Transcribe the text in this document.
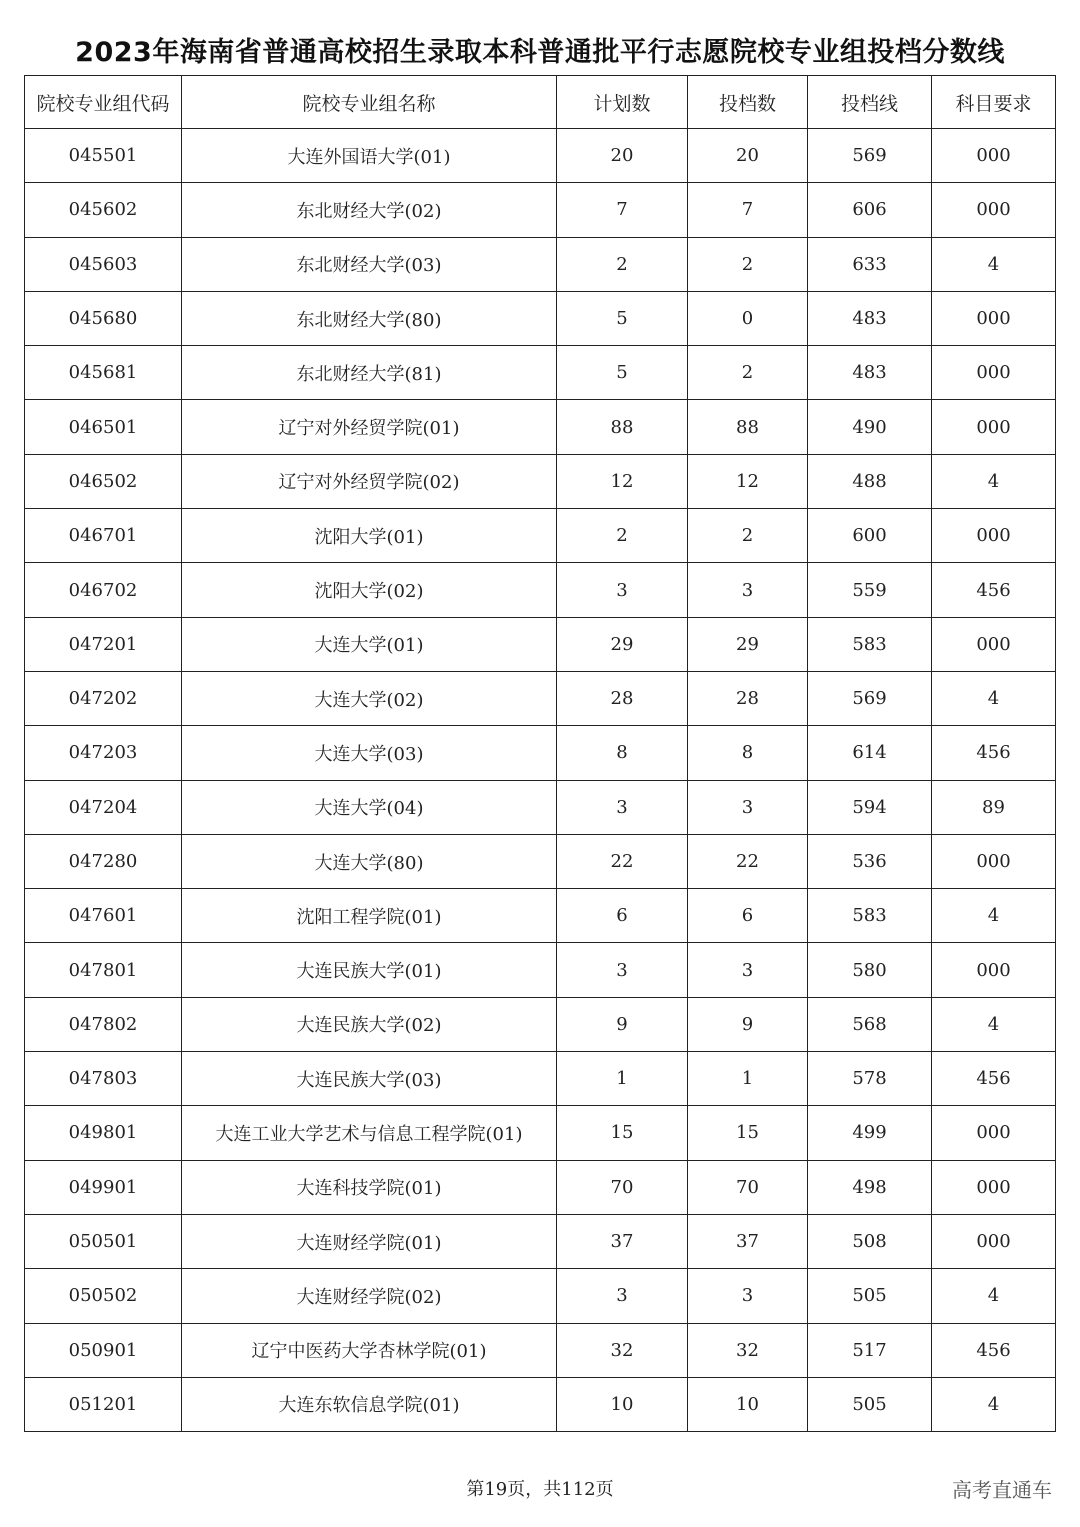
2023年海南省普通高校招生录取本科普通批平行志愿院校专业组投档分数线
院校专业组代码	院校专业组名称	计划数	投档数	投档线	科目要求
045501	大连外国语大学(01)	20	20	569	000
045602	东北财经大学(02)	7	7	606	000
045603	东北财经大学(03)	2	2	633	4
045680	东北财经大学(80)	5	0	483	000
045681	东北财经大学(81)	5	2	483	000
046501	辽宁对外经贸学院(01)	88	88	490	000
046502	辽宁对外经贸学院(02)	12	12	488	4
046701	沈阳大学(01)	2	2	600	000
046702	沈阳大学(02)	3	3	559	456
047201	大连大学(01)	29	29	583	000
047202	大连大学(02)	28	28	569	4
047203	大连大学(03)	8	8	614	456
047204	大连大学(04)	3	3	594	89
047280	大连大学(80)	22	22	536	000
047601	沈阳工程学院(01)	6	6	583	4
047801	大连民族大学(01)	3	3	580	000
047802	大连民族大学(02)	9	9	568	4
047803	大连民族大学(03)	1	1	578	456
049801	大连工业大学艺术与信息工程学院(01)	15	15	499	000
049901	大连科技学院(01)	70	70	498	000
050501	大连财经学院(01)	37	37	508	000
050502	大连财经学院(02)	3	3	505	4
050901	辽宁中医药大学杏林学院(01)	32	32	517	456
051201	大连东软信息学院(01)	10	10	505	4
第19页，共112页	高考直通车
